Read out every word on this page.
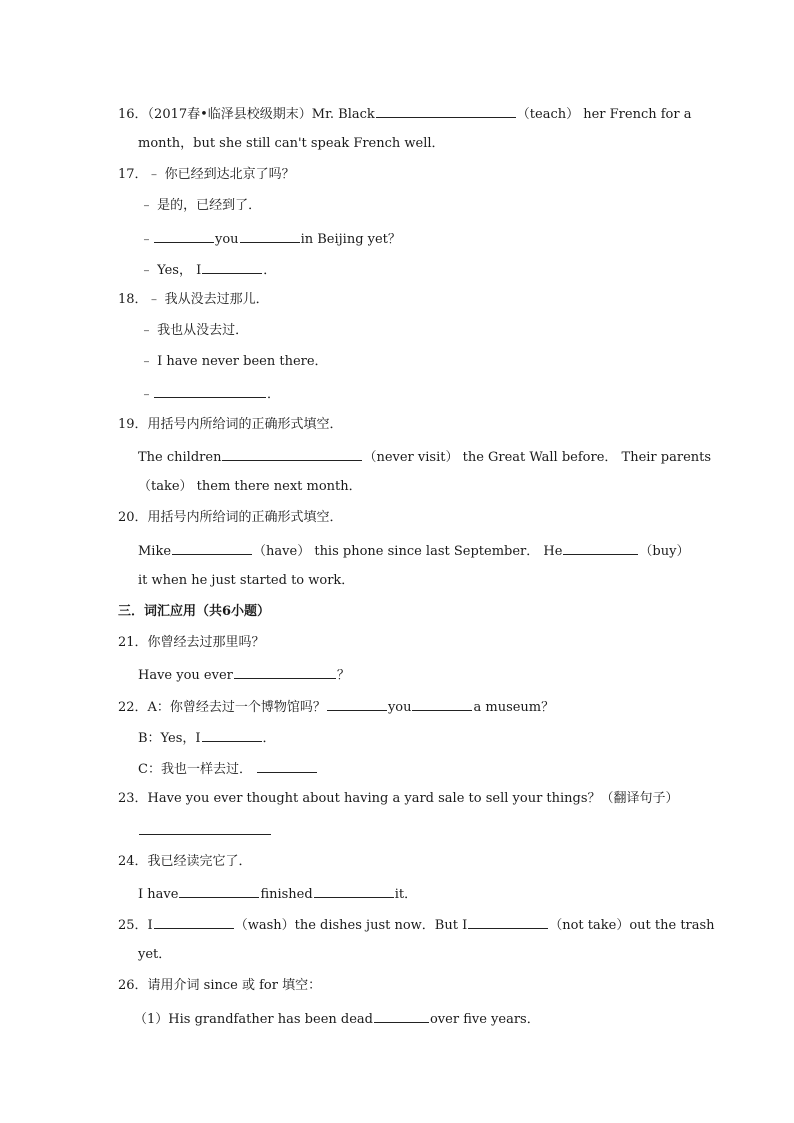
16．（2017春•临泽县校级期末）Mr. Black	（teach） her French for a
month，but she still can't speak French well．
17．﹣ 你已经到达北京了吗？
﹣ 是的，已经到了．
﹣	you	in Beijing yet？
﹣ Yes， I	．
18．﹣ 我从没去过那儿．
﹣ 我也从没去过．
﹣ I have never been there．
﹣	．
19．用括号内所给词的正确形式填空．
The children	（never visit） the Great Wall before． Their parents
（take） them there next month．
20．用括号内所给词的正确形式填空．
Mike	（have） this phone since last September． He	（buy）
it when he just started to work．
三．词汇应用（共6小题）
21．你曾经去过那里吗？
Have you ever	？
22．A：你曾经去过一个博物馆吗？	you	a museum？
B：Yes，I	．
C：我也一样去过．
23．Have you ever thought about having a yard sale to sell your things？（翻译句子）
24．我已经读完它了．
I have	finished	it．
25．I	（wash）the dishes just now．But I	（not take）out the trash
yet．
26．请用介词 since 或 for 填空：
（1）His grandfather has been dead	over five years．
